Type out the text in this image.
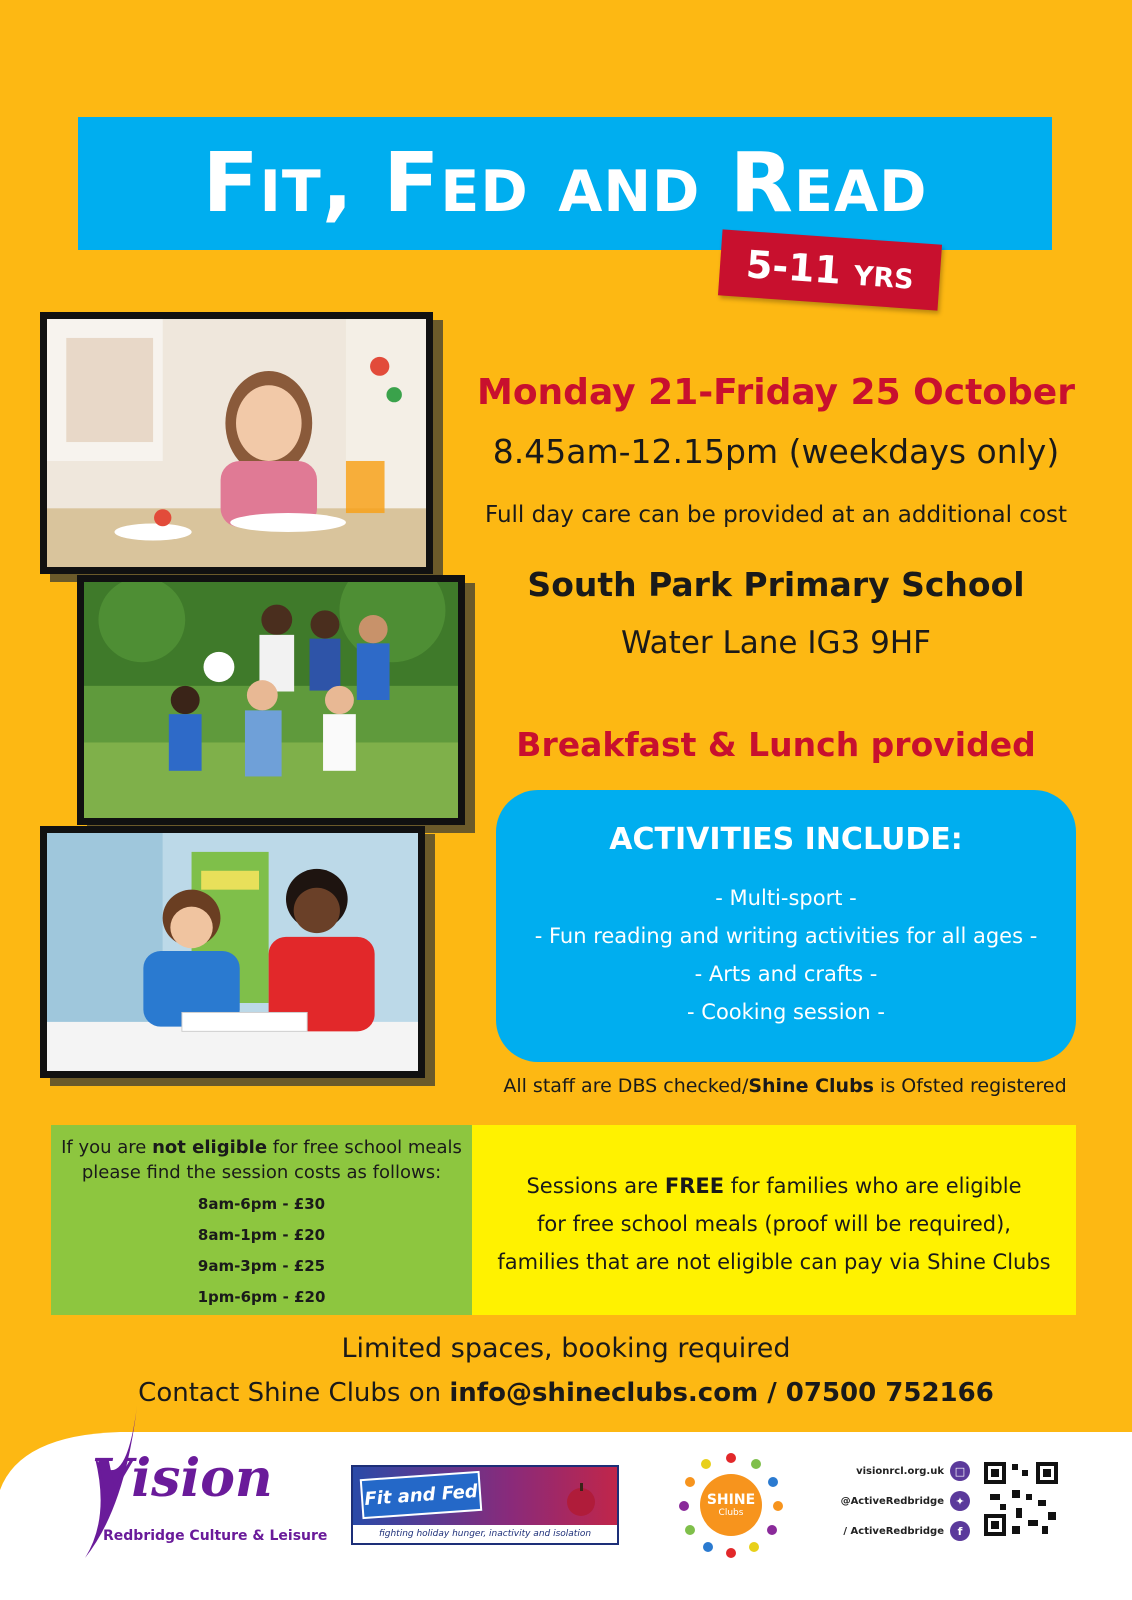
Fit, Fed and Read
5-11 yrs
Monday 21-Friday 25 October
8.45am-12.15pm (weekdays only)
Full day care can be provided at an additional cost
South Park Primary School
Water Lane IG3 9HF
Breakfast & Lunch provided
ACTIVITIES INCLUDE:
- Multi-sport -
- Fun reading and writing activities for all ages -
- Arts and crafts -
- Cooking session -
All staff are DBS checked/Shine Clubs is Ofsted registered
If you are not eligible for free school meals
please find the session costs as follows:
8am-6pm - £30
8am-1pm - £20
9am-3pm - £25
1pm-6pm - £20
Sessions are FREE for families who are eligible
for free school meals (proof will be required),
families that are not eligible can pay via Shine Clubs
Limited spaces, booking required
Contact Shine Clubs on info@shineclubs.com / 07500 752166
Vision
Redbridge Culture & Leisure
Fit and Fed
fighting holiday hunger, inactivity and isolation
SHINE
Clubs
visionrcl.org.uk □
@ActiveRedbridge	✦
/ ActiveRedbridge	f
